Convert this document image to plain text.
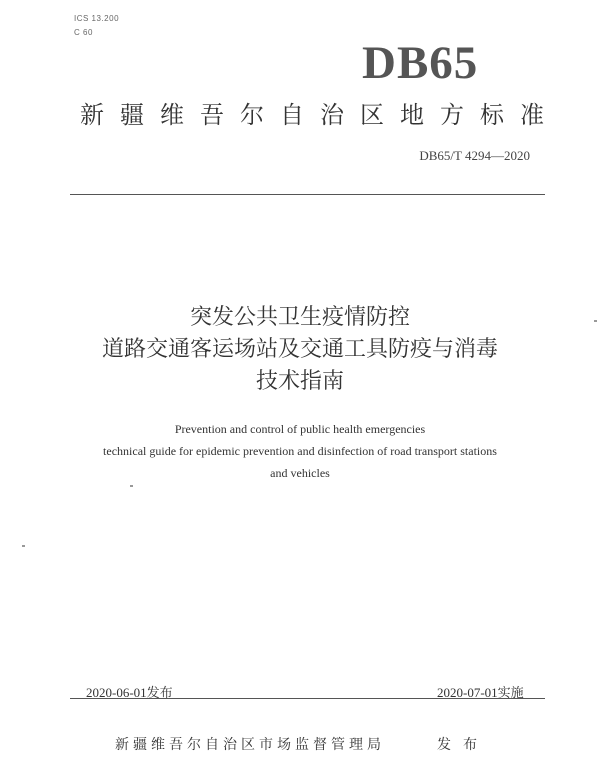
ICS 13.200
C 60
DB65
新疆维吾尔自治区地方标准
DB65/T 4294—2020
突发公共卫生疫情防控
道路交通客运场站及交通工具防疫与消毒
技术指南
Prevention and control of public health emergencies
technical guide for epidemic prevention and disinfection of road transport stations
and vehicles
2020-06-01发布	2020-07-01实施
新疆维吾尔自治区市场监督管理局	发布
